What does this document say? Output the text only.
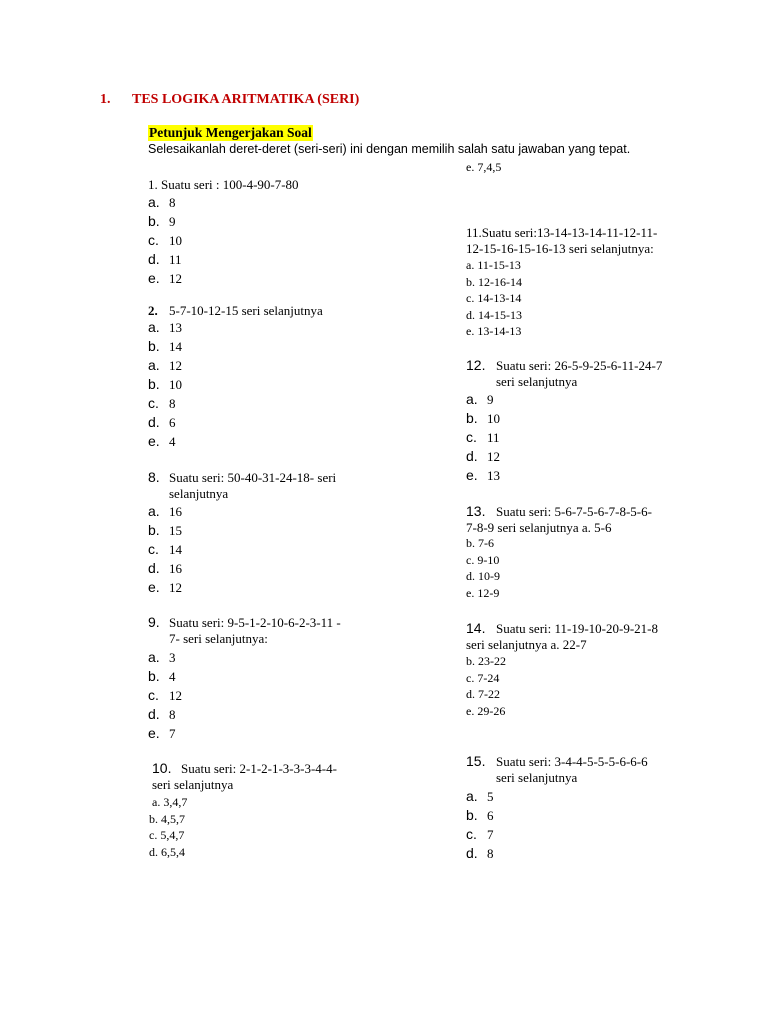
1. TES LOGIKA ARITMATIKA (SERI)
Petunjuk Mengerjakan Soal
Selesaikanlah deret-deret (seri-seri) ini dengan memilih salah satu jawaban yang tepat.
1. Suatu seri : 100-4-90-7-80
a. 8
b. 9
c. 10
d. 11
e. 12
2. 5-7-10-12-15 seri selanjutnya
a. 13
b. 14
a. 12
b. 10
c. 8
d. 6
e. 4
8. Suatu seri: 50-40-31-24-18- seri
selanjutnya
a. 16
b. 15
c. 14
d. 16
e. 12
9. Suatu seri: 9-5-1-2-10-6-2-3-11 -
7- seri selanjutnya:
a. 3
b. 4
c. 12
d. 8
e. 7
10. Suatu seri: 2-1-2-1-3-3-3-4-4-
seri selanjutnya
a. 3,4,7
b. 4,5,7
c. 5,4,7
d. 6,5,4
e. 7,4,5
11.Suatu seri:13-14-13-14-11-12-11-
12-15-16-15-16-13 seri selanjutnya:
a. 11-15-13
b. 12-16-14
c. 14-13-14
d. 14-15-13
e. 13-14-13
12. Suatu seri: 26-5-9-25-6-11-24-7
seri selanjutnya
a. 9
b. 10
c. 11
d. 12
e. 13
13. Suatu seri: 5-6-7-5-6-7-8-5-6-
7-8-9 seri selanjutnya a. 5-6
b. 7-6
c. 9-10
d. 10-9
e. 12-9
14. Suatu seri: 11-19-10-20-9-21-8
seri selanjutnya a. 22-7
b. 23-22
c. 7-24
d. 7-22
e. 29-26
15. Suatu seri: 3-4-4-5-5-5-6-6-6
seri selanjutnya
a. 5
b. 6
c. 7
d. 8
